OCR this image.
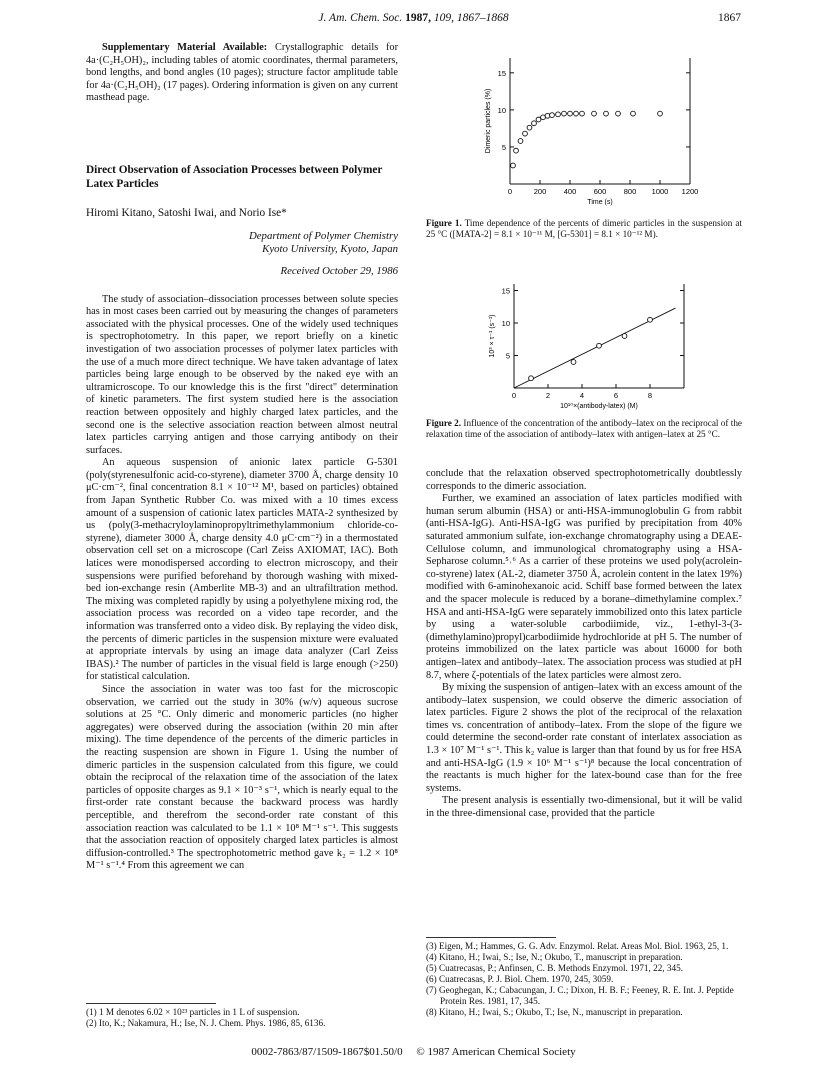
J. Am. Chem. Soc. 1987, 109, 1867–1868	1867

Supplementary Material Available: Crystallographic details for 4a·(C₂H₅OH)₂, including tables of atomic coordinates, thermal parameters, bond lengths, and bond angles (10 pages); structure factor amplitude table for 4a·(C₂H₅OH)₂ (17 pages). Ordering information is given on any current masthead page.

Direct Observation of Association Processes between Polymer Latex Particles
Hiromi Kitano, Satoshi Iwai, and Norio Ise*
Department of Polymer Chemistry
Kyoto University, Kyoto, Japan
Received October 29, 1986

The study of association–dissociation processes between solute species has in most cases been carried out by measuring the changes of parameters associated with the physical processes. One of the widely used techniques is spectrophotometry. In this paper, we report briefly on a kinetic investigation of two association processes of polymer latex particles with the use of a much more direct technique. We have taken advantage of latex particles being large enough to be observed by the naked eye with an ultramicroscope. To our knowledge this is the first "direct" determination of kinetic parameters. The first system studied here is the association reaction between oppositely and highly charged latex particles, and the second one is the selective association reaction between almost neutral latex particles carrying antigen and those carrying antibody on their surfaces.

An aqueous suspension of anionic latex particle G-5301 (poly(styrenesulfonic acid-co-styrene), diameter 3700 Å, charge density 10 μC·cm⁻², final concentration 8.1 × 10⁻¹² M¹, based on particles) obtained from Japan Synthetic Rubber Co. was mixed with a 10 times excess amount of a suspension of cationic latex particles MATA-2 synthesized by us (poly(3-methacryloylaminopropyltrimethylammonium chloride-co-styrene), diameter 3000 Å, charge density 4.0 μC·cm⁻²) in a thermostated observation cell set on a microscope (Carl Zeiss AXIOMAT, IAC). Both latices were monodispersed according to electron microscopy, and their suspensions were purified beforehand by thorough washing with mixed-bed ion-exchange resin (Amberlite MB-3) and an ultrafiltration method. The mixing was completed rapidly by using a polyethylene mixing rod, the association process was recorded on a video tape recorder, and the information was transferred onto a video disk. By replaying the video disk, the percents of dimeric particles in the suspension mixture were evaluated at appropriate intervals by using an image data analyzer (Carl Zeiss IBAS).² The number of particles in the visual field is large enough (>250) for statistical calculation.

Since the association in water was too fast for the microscopic observation, we carried out the study in 30% (w/v) aqueous sucrose solutions at 25 °C. Only dimeric and monomeric particles (no higher aggregates) were observed during the association (within 20 min after mixing). The time dependence of the percents of the dimeric particles in the reacting suspension are shown in Figure 1. Using the number of dimeric particles in the suspension calculated from this figure, we could obtain the reciprocal of the relaxation time of the association of the latex particles of opposite charges as 9.1 × 10⁻³ s⁻¹, which is nearly equal to the first-order rate constant because the backward process was hardly perceptible, and therefrom the second-order rate constant of this association reaction was calculated to be 1.1 × 10⁸ M⁻¹ s⁻¹. This suggests that the association reaction of oppositely charged latex particles is almost diffusion-controlled.³ The spectrophotometric method gave k₂ = 1.2 × 10⁸ M⁻¹ s⁻¹.⁴ From this agreement we can

(1) 1 M denotes 6.02 × 10²³ particles in 1 L of suspension.
(2) Ito, K.; Nakamura, H.; Ise, N. J. Chem. Phys. 1986, 85, 6136.
0	200 400 600 800 1000 1200
5
10
15
Time (s)
Dimeric particles (%)
Figure 1. Time dependence of the percents of dimeric particles in the suspension at 25 °C ([MATA-2] = 8.1 × 10⁻¹¹ M, [G-5301] = 8.1 × 10⁻¹² M).
0	2	4	6	8
5
10
15
10¹⁰×(antibody-latex) (M)
10³ × τ⁻¹ (s⁻¹)
Figure 2. Influence of the concentration of the antibody–latex on the reciprocal of the relaxation time of the association of antibody–latex with antigen–latex at 25 °C.

conclude that the relaxation observed spectrophotometrically doubtlessly corresponds to the dimeric association.

Further, we examined an association of latex particles modified with human serum albumin (HSA) or anti-HSA-immunoglobulin G from rabbit (anti-HSA-IgG). Anti-HSA-IgG was purified by precipitation from 40% saturated ammonium sulfate, ion-exchange chromatography using a DEAE-Cellulose column, and immunological chromatography using a HSA-Sepharose column.⁵˒⁶ As a carrier of these proteins we used poly(acrolein-co-styrene) latex (AL-2, diameter 3750 Å, acrolein content in the latex 19%) modified with 6-aminohexanoic acid. Schiff base formed between the latex and the spacer molecule is reduced by a borane–dimethylamine complex.⁷ HSA and anti-HSA-IgG were separately immobilized onto this latex particle by using a water-soluble carbodiimide, viz., 1-ethyl-3-(3-(dimethylamino)propyl)carbodiimide hydrochloride at pH 5. The number of proteins immobilized on the latex particle was about 16000 for both antigen–latex and antibody–latex. The association process was studied at pH 8.7, where ζ-potentials of the latex particles were almost zero.

By mixing the suspension of antigen–latex with an excess amount of the antibody–latex suspension, we could observe the dimeric association of latex particles. Figure 2 shows the plot of the reciprocal of the relaxation times vs. concentration of antibody–latex. From the slope of the figure we could determine the second-order rate constant of interlatex association as 1.3 × 10⁷ M⁻¹ s⁻¹. This k₂ value is larger than that found by us for free HSA and anti-HSA-IgG (1.9 × 10⁶ M⁻¹ s⁻¹)⁸ because the local concentration of the reactants is much higher for the latex-bound case than for the free systems.

The present analysis is essentially two-dimensional, but it will be valid in the three-dimensional case, provided that the particle

(3) Eigen, M.; Hammes, G. G. Adv. Enzymol. Relat. Areas Mol. Biol. 1963, 25, 1.
(4) Kitano, H.; Iwai, S.; Ise, N.; Okubo, T., manuscript in preparation.
(5) Cuatrecasas, P.; Anfinsen, C. B. Methods Enzymol. 1971, 22, 345.
(6) Cuatrecasas, P. J. Biol. Chem. 1970, 245, 3059.
(7) Geoghegan, K.; Cabacungan, J. C.; Dixon, H. B. F.; Feeney, R. E. Int. J. Peptide Protein Res. 1981, 17, 345.
(8) Kitano, H.; Iwai, S.; Okubo, T.; Ise, N., manuscript in preparation.
0002-7863/87/1509-1867$01.50/0 © 1987 American Chemical Society
